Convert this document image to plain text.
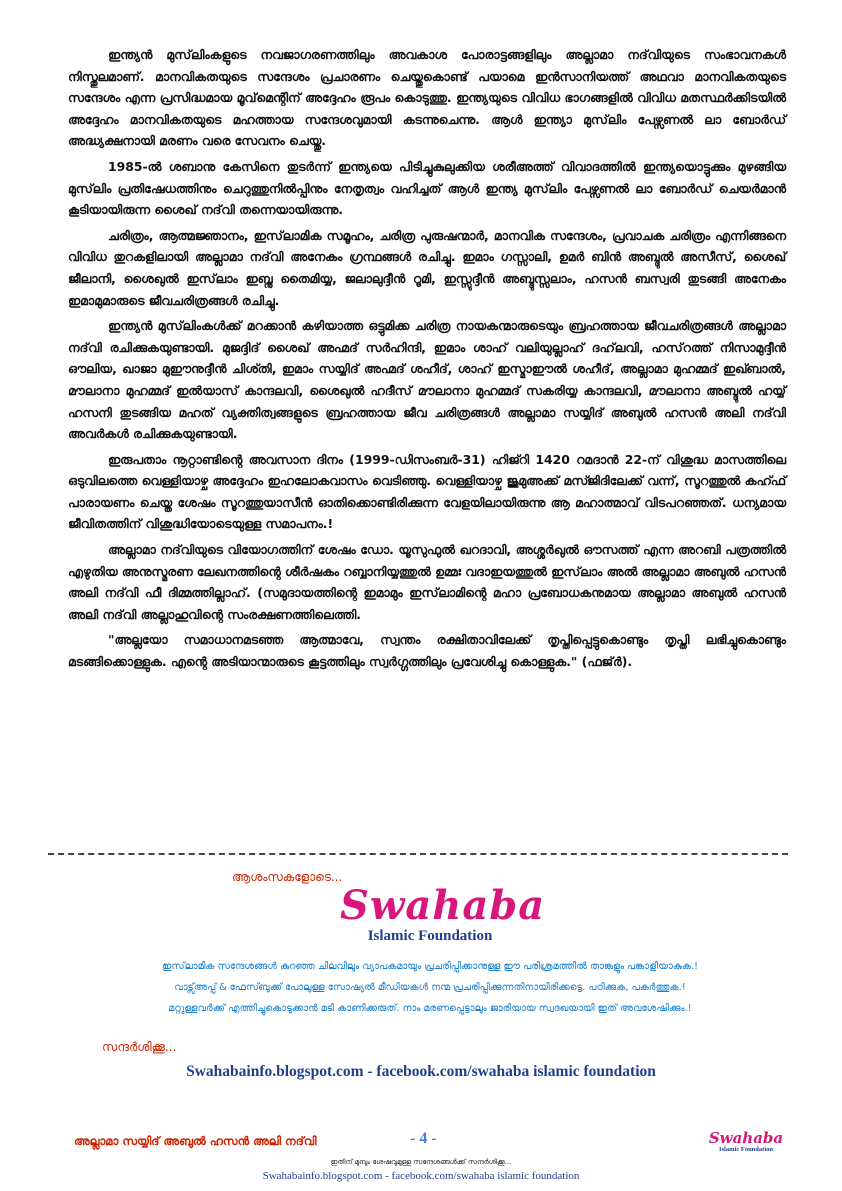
ഇന്ത്യൻ മുസ്‌ലിംകളുടെ നവജാഗരണത്തിലും അവകാശ പോരാട്ടങ്ങളിലും അല്ലാമാ നദ്‌വിയുടെ സംഭാവനകൾ നിസ്തുലമാണ്. മാനവികതയുടെ സന്ദേശം പ്രചാരണം ചെയ്തുകൊണ്ട് പയാമെ ഇൻസാനിയത്ത് അഥവാ മാനവികതയുടെ സന്ദേശം എന്ന പ്രസിദ്ധമായ മൂവ്‌മെന്റിന് അദ്ദേഹം രൂപം കൊടുത്തു. ഇന്ത്യയുടെ വിവിധ ഭാഗങ്ങളിൽ വിവിധ മതസ്ഥർക്കിടയിൽ അദ്ദേഹം മാനവികതയുടെ മഹത്തായ സന്ദേശവുമായി കടന്നുചെന്നു. ആൾ ഇന്ത്യാ മുസ്‌ലിം പേഴ്സണൽ ലാ ബോർഡ് അദ്ധ്യക്ഷനായി മരണം വരെ സേവനം ചെയ്തു.

1985-ൽ ശബാനു കേസിനെ തുടർന്ന് ഇന്ത്യയെ പിടിച്ചുകുലുക്കിയ ശരീഅത്ത് വിവാദത്തിൽ ഇന്ത്യയൊട്ടുക്കും മുഴങ്ങിയ മുസ്‌ലിം പ്രതിഷേധത്തിനും ചെറുത്തുനിൽപ്പിനും നേതൃത്വം വഹിച്ചത് ആൾ ഇന്ത്യ മുസ്‌ലിം പേഴ്സണൽ ലാ ബോർഡ് ചെയർമാൻ കൂടിയായിരുന്ന ശൈഖ് നദ്‌വി തന്നെയായിരുന്നു.

ചരിത്രം, ആത്മജ്ഞാനം, ഇസ്‌ലാമിക സമൂഹം, ചരിത്ര പുരുഷന്മാർ, മാനവിക സന്ദേശം, പ്രവാചക ചരിത്രം എന്നിങ്ങനെ വിവിധ തുറകളിലായി അല്ലാമാ നദ്‌വി അനേകം ഗ്രന്ഥങ്ങൾ രചിച്ചു. ഇമാം ഗസ്സാലി, ഉമർ ബിൻ അബ്ദുൽ അസീസ്, ശൈഖ് ജീലാനി, ശൈഖുൽ ഇസ്‌ലാം ഇബ്നു തൈമിയ്യ, ജലാലുദ്ദീൻ റൂമി, ഇസ്സുദ്ദീൻ അബ്ദുസ്സലാം, ഹസൻ ബസ്വരി തുടങ്ങി അനേകം ഇമാമുമാരുടെ ജീവചരിത്രങ്ങൾ രചിച്ചു.

ഇന്ത്യൻ മുസ്‌ലിംകൾക്ക് മറക്കാൻ കഴിയാത്ത ഒട്ടുമിക്ക ചരിത്ര നായകന്മാരുടെയും ബ്രഹത്തായ ജീവചരിത്രങ്ങൾ അല്ലാമാ നദ്‌വി രചിക്കുകയുണ്ടായി. മുജദ്ദിദ് ശൈഖ് അഹ്മദ് സർഹിന്ദി, ഇമാം ശാഹ് വലിയുല്ലാഹ് ദഹ്‌ലവി, ഹസ്‌റത്ത് നിസാമുദ്ദീൻ ഔലിയ, ഖാജാ മുഈനുദ്ദീൻ ചിശ്തി, ഇമാം സയ്യിദ് അഹ്മദ് ശഹീദ്, ശാഹ് ഇസ്മാഈൽ ശഹീദ്, അല്ലാമാ മുഹമ്മദ് ഇഖ്ബാൽ, മൗലാനാ മുഹമ്മദ് ഇൽയാസ് കാന്ദലവി, ശൈഖുൽ ഹദീസ് മൗലാനാ മുഹമ്മദ് സകരിയ്യ കാന്ദലവി, മൗലാനാ അബ്ദുൽ ഹയ്യ് ഹസനി തുടങ്ങിയ മഹത് വ്യക്തിത്വങ്ങളുടെ ബ്രഹത്തായ ജീവ ചരിത്രങ്ങൾ അല്ലാമാ സയ്യിദ് അബുൽ ഹസൻ അലി നദ്‌വി അവർകൾ രചിക്കുകയുണ്ടായി.

ഇരുപതാം നൂറ്റാണ്ടിന്റെ അവസാന ദിനം (1999-ഡിസംബർ-31) ഹിജ്റി 1420 റമദാൻ 22-ന് വിശുദ്ധ മാസത്തിലെ ഒടുവിലത്തെ വെള്ളിയാഴ്ച അദ്ദേഹം ഇഹലോകവാസം വെടിഞ്ഞു. വെള്ളിയാഴ്ച ജുമുഅക്ക് മസ്ജിദിലേക്ക് വന്ന്, സൂറത്തുൽ കഹ്ഫ് പാരായണം ചെയ്ത ശേഷം സൂറത്തുയാസീൻ ഓതിക്കൊണ്ടിരിക്കുന്ന വേളയിലായിരുന്നു ആ മഹാത്മാവ് വിടപറഞ്ഞത്. ധന്യമായ ജീവിതത്തിന് വിശുദ്ധിയോടെയുള്ള സമാപനം.!

അല്ലാമാ നദ്‌വിയുടെ വിയോഗത്തിന് ശേഷം ഡോ. യൂസുഫുൽ ഖറദാവി, അശ്ശർഖുൽ ഔസത്ത് എന്ന അറബി പത്രത്തിൽ എഴുതിയ അനുസ്മരണ ലേഖനത്തിന്റെ ശീർഷകം റബ്ബാനിയ്യത്തുൽ ഉമ്മഃ വദാഇയത്തുൽ ഇസ്‌ലാം അൽ അല്ലാമാ അബുൽ ഹസൻ അലി നദ്‌വി ഫീ ദിമ്മത്തില്ലാഹ്. (സമുദായത്തിന്റെ ഇമാമും ഇസ്‌ലാമിന്റെ മഹാ പ്രബോധകനുമായ അല്ലാമാ അബുൽ ഹസൻ അലി നദ്‌വി അല്ലാഹുവിന്റെ സംരക്ഷണത്തിലെത്തി.

"അല്ലയോ സമാധാനമടഞ്ഞ ആത്മാവേ, സ്വന്തം രക്ഷിതാവിലേക്ക് തൃപ്തിപ്പെട്ടുകൊണ്ടും തൃപ്തി ലഭിച്ചുകൊണ്ടും മടങ്ങിക്കൊള്ളുക. എന്റെ അടിയാന്മാരുടെ കൂട്ടത്തിലും സ്വർഗ്ഗത്തിലും പ്രവേശിച്ചു കൊള്ളുക." (ഫജ്ർ).

ആശംസകളോടെ...
Swahaba
Islamic Foundation
ഇസ്‌ലാമിക സന്ദേശങ്ങൾ കുറഞ്ഞ ചിലവിലും വ്യാപകമായും പ്രചരിപ്പിക്കാനുള്ള ഈ പരിശ്രമത്തിൽ താങ്കളും പങ്കാളിയാകുക.!
വാട്സ്അപ്പ് & ഫേസ്ബുക്ക് പോലുള്ള സോഷ്യൽ മീഡിയകൾ നന്മ പ്രചരിപ്പിക്കുന്നതിനായിരിക്കട്ടെ. പഠിക്കുക, പകർത്തുക.!
മറ്റുള്ളവർക്ക് എത്തിച്ചുകൊടുക്കാൻ മടി കാണിക്കരുത്. നാം മരണപ്പെട്ടാലും ജാരിയായ സ്വദഖയായി ഇത് അവശേഷിക്കും.!
സന്ദർശിക്കൂ...
Swahabainfo.blogspot.com - facebook.com/swahaba islamic foundation
അല്ലാമാ സയ്യിദ് അബുൽ ഹസൻ അലി നദ്‌വി	- 4 -	Swahaba
Islamic Foundation
ഇതിന് മുമ്പും ശേഷവുമുള്ള സന്ദേശങ്ങൾക്ക് സന്ദർശിക്കൂ...
Swahabainfo.blogspot.com - facebook.com/swahaba islamic foundation
